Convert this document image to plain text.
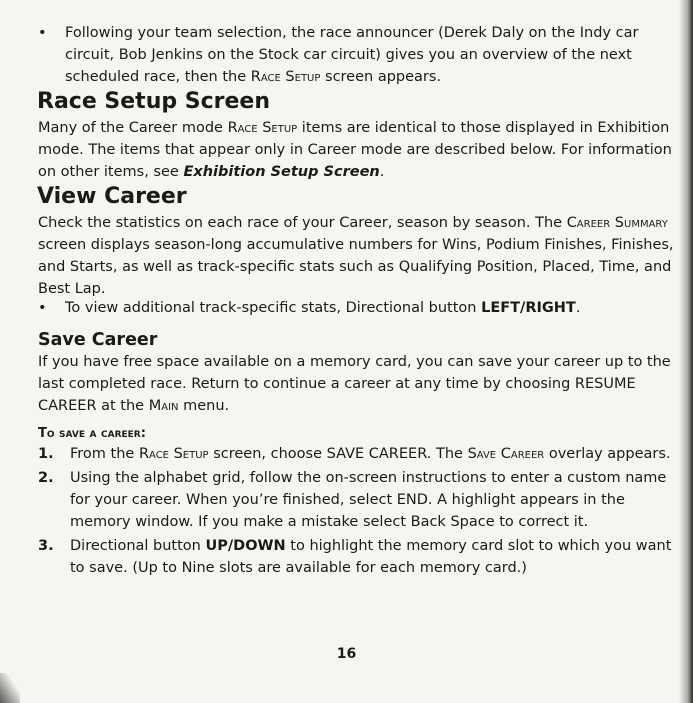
• Following your team selection, the race announcer (Derek Daly on the Indy car circuit, Bob Jenkins on the Stock car circuit) gives you an overview of the next scheduled race, then the Race Setup screen appears.
Race Setup Screen

Many of the Career mode Race Setup items are identical to those displayed in Exhibition mode. The items that appear only in Career mode are described below. For information on other items, see Exhibition Setup Screen.

View Career

Check the statistics on each race of your Career, season by season. The Career Summary screen displays season-long accumulative numbers for Wins, Podium Finishes, Finishes, and Starts, as well as track-specific stats such as Qualifying Position, Placed, Time, and Best Lap.

• To view additional track-specific stats, Directional button LEFT/RIGHT.
Save Career

If you have free space available on a memory card, you can save your career up to the last completed race. Return to continue a career at any time by choosing RESUME CAREER at the Main menu.

To save a career:

1. From the Race Setup screen, choose SAVE CAREER. The Save Career overlay appears.
2. Using the alphabet grid, follow the on-screen instructions to enter a custom name for your career. When you’re finished, select END. A highlight appears in the memory window. If you make a mistake select Back Space to correct it.
3. Directional button UP/DOWN to highlight the memory card slot to which you want to save. (Up to Nine slots are available for each memory card.)
16
